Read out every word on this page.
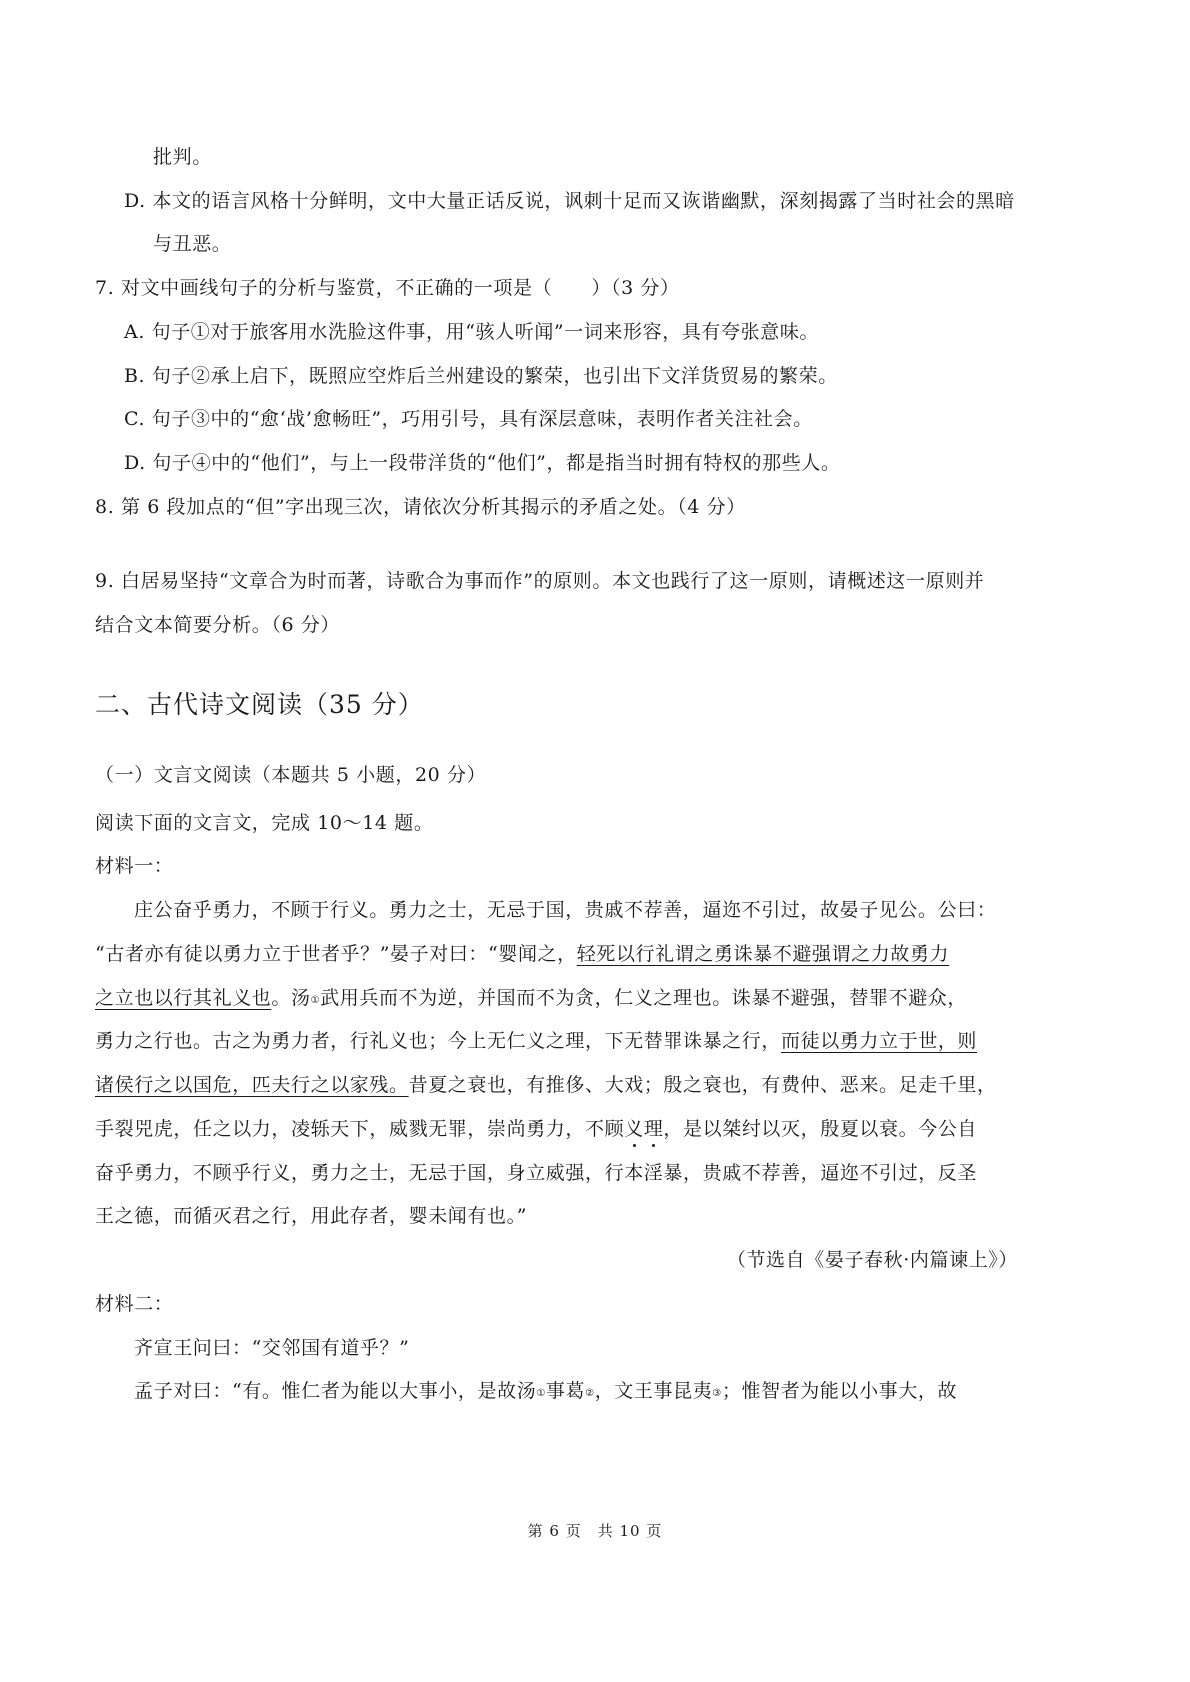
批判。
D. 本文的语言风格十分鲜明，文中大量正话反说，讽刺十足而又诙谐幽默，深刻揭露了当时社会的黑暗
与丑恶。
7. 对文中画线句子的分析与鉴赏，不正确的一项是（　　）（3 分）
A. 句子①对于旅客用水洗脸这件事，用“骇人听闻”一词来形容，具有夸张意味。
B. 句子②承上启下，既照应空炸后兰州建设的繁荣，也引出下文洋货贸易的繁荣。
C. 句子③中的“愈‘战’愈畅旺”，巧用引号，具有深层意味，表明作者关注社会。
D. 句子④中的“他们”，与上一段带洋货的“他们”，都是指当时拥有特权的那些人。
8. 第 6 段加点的“但”字出现三次，请依次分析其揭示的矛盾之处。（4 分）
9. 白居易坚持“文章合为时而著，诗歌合为事而作”的原则。本文也践行了这一原则，请概述这一原则并
结合文本简要分析。（6 分）
二、古代诗文阅读（35 分）
（一）文言文阅读（本题共 5 小题，20 分）
阅读下面的文言文，完成 10～14 题。
材料一：
庄公奋乎勇力，不顾于行义。勇力之士，无忌于国，贵戚不荐善，逼迩不引过，故晏子见公。公曰：
“古者亦有徒以勇力立于世者乎？”晏子对曰：“婴闻之，轻死以行礼谓之勇诛暴不避强谓之力故勇力
之立也以行其礼义也。汤①武用兵而不为逆，并国而不为贪，仁义之理也。诛暴不避强，替罪不避众，
勇力之行也。古之为勇力者，行礼义也；今上无仁义之理，下无替罪诛暴之行，而徒以勇力立于世，则
诸侯行之以国危，匹夫行之以家残。昔夏之衰也，有推侈、大戏；殷之衰也，有费仲、恶来。足走千里，
手裂兕虎，任之以力，凌轹天下，威戮无罪，崇尚勇力，不顾义理，是以桀纣以灭，殷夏以衰。今公自
奋乎勇力，不顾乎行义，勇力之士，无忌于国，身立威强，行本淫暴，贵戚不荐善，逼迩不引过，反圣
王之德，而循灭君之行，用此存者，婴未闻有也。”
（节选自《晏子春秋·内篇谏上》）
材料二：
齐宣王问曰：“交邻国有道乎？”
孟子对曰：“有。惟仁者为能以大事小，是故汤①事葛②，文王事昆夷③；惟智者为能以小事大，故
第 6 页　共 10 页
